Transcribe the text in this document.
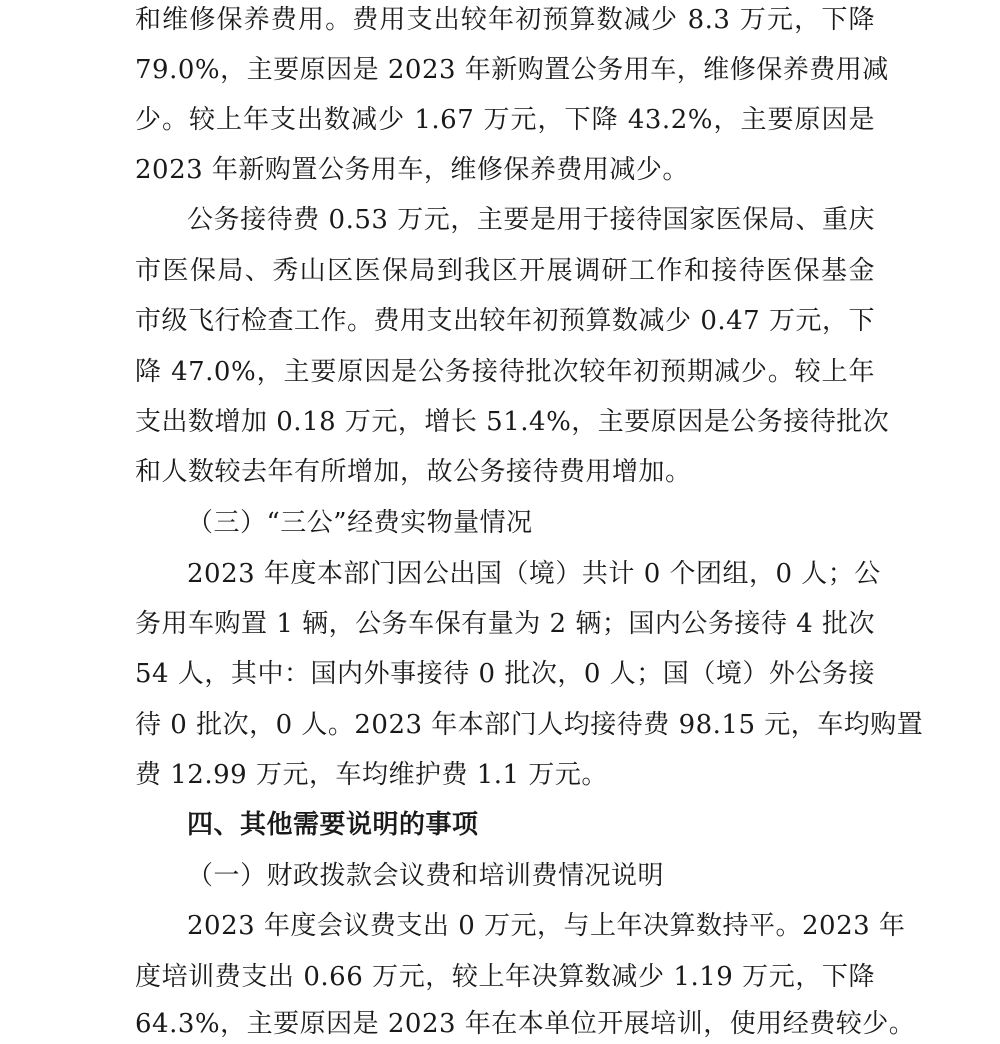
和维修保养费用。费用支出较年初预算数减少 8.3 万元，下降
79.0%，主要原因是 2023 年新购置公务用车，维修保养费用减
少。较上年支出数减少 1.67 万元，下降 43.2%，主要原因是
2023 年新购置公务用车，维修保养费用减少。
公务接待费 0.53 万元，主要是用于接待国家医保局、重庆
市医保局、秀山区医保局到我区开展调研工作和接待医保基金
市级飞行检查工作。费用支出较年初预算数减少 0.47 万元，下
降 47.0%，主要原因是公务接待批次较年初预期减少。较上年
支出数增加 0.18 万元，增长 51.4%，主要原因是公务接待批次
和人数较去年有所增加，故公务接待费用增加。
（三）“三公”经费实物量情况
2023 年度本部门因公出国（境）共计 0 个团组，0 人；公
务用车购置 1 辆，公务车保有量为 2 辆；国内公务接待 4 批次
54 人，其中：国内外事接待 0 批次，0 人；国（境）外公务接
待 0 批次，0 人。2023 年本部门人均接待费 98.15 元，车均购置
费 12.99 万元，车均维护费 1.1 万元。
四、其他需要说明的事项
（一）财政拨款会议费和培训费情况说明
2023 年度会议费支出 0 万元，与上年决算数持平。2023 年
度培训费支出 0.66 万元，较上年决算数减少 1.19 万元，下降
64.3%，主要原因是 2023 年在本单位开展培训，使用经费较少。
